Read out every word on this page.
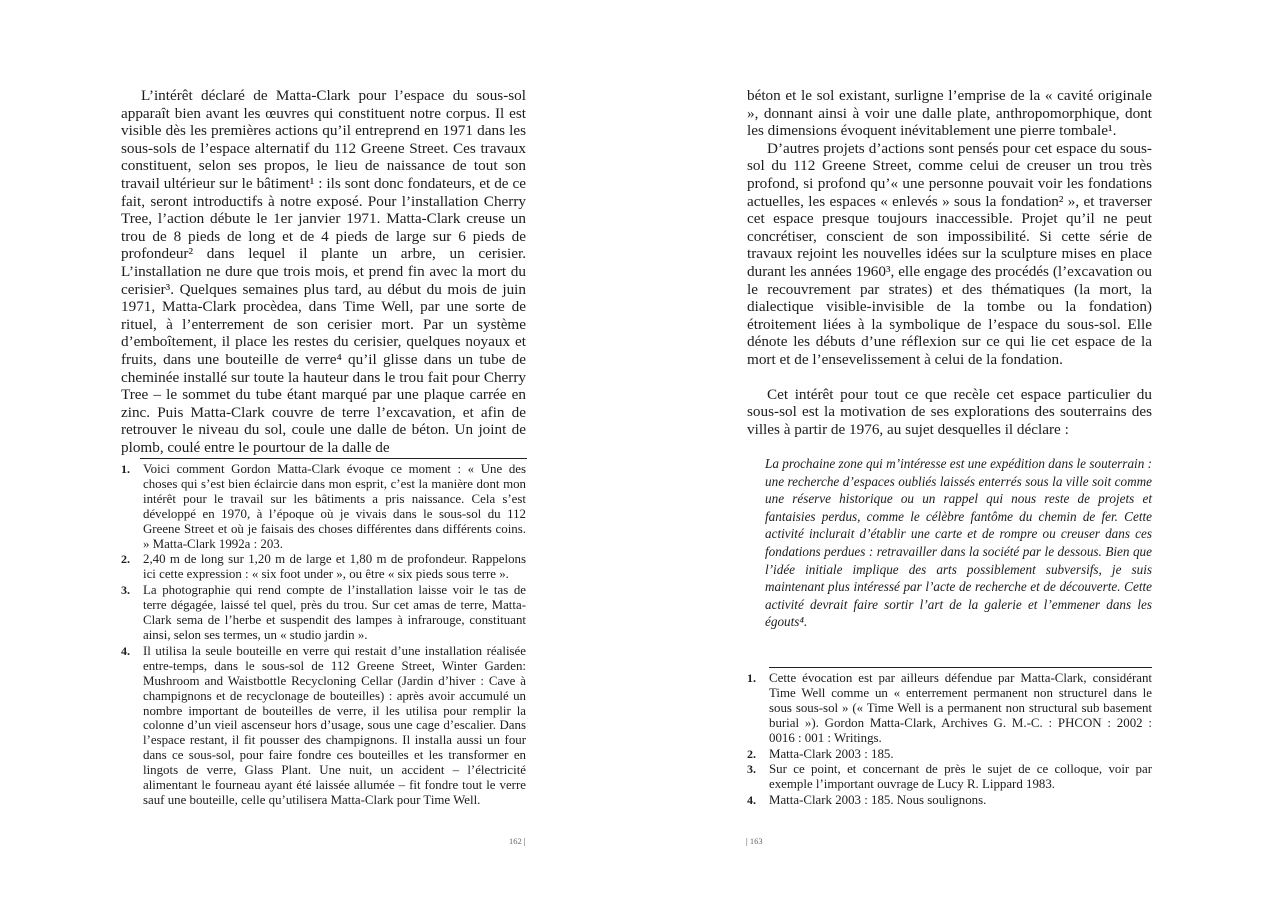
L’intérêt déclaré de Matta-Clark pour l’espace du sous-sol apparaît bien avant les œuvres qui constituent notre corpus. Il est visible dès les premières actions qu’il entreprend en 1971 dans les sous-sols de l’espace alternatif du 112 Greene Street. Ces travaux constituent, selon ses propos, le lieu de naissance de tout son travail ultérieur sur le bâtiment¹ : ils sont donc fondateurs, et de ce fait, seront introductifs à notre exposé. Pour l’installation Cherry Tree, l’action débute le 1er janvier 1971. Matta-Clark creuse un trou de 8 pieds de long et de 4 pieds de large sur 6 pieds de profondeur² dans lequel il plante un arbre, un cerisier. L’installation ne dure que trois mois, et prend fin avec la mort du cerisier³. Quelques semaines plus tard, au début du mois de juin 1971, Matta-Clark procèdea, dans Time Well, par une sorte de rituel, à l’enterrement de son cerisier mort. Par un système d’emboîtement, il place les restes du cerisier, quelques noyaux et fruits, dans une bouteille de verre⁴ qu’il glisse dans un tube de cheminée installé sur toute la hauteur dans le trou fait pour Cherry Tree – le sommet du tube étant marqué par une plaque carrée en zinc. Puis Matta-Clark couvre de terre l’excavation, et afin de retrouver le niveau du sol, coule une dalle de béton. Un joint de plomb, coulé entre le pourtour de la dalle de

1. Voici comment Gordon Matta-Clark évoque ce moment : « Une des choses qui s’est bien éclaircie dans mon esprit, c’est la manière dont mon intérêt pour le travail sur les bâtiments a pris naissance. Cela s’est développé en 1970, à l’époque où je vivais dans le sous-sol du 112 Greene Street et où je faisais des choses différentes dans différents coins. » Matta-Clark 1992a : 203.
2. 2,40 m de long sur 1,20 m de large et 1,80 m de profondeur. Rappelons ici cette expression : « six foot under », ou être « six pieds sous terre ».
3. La photographie qui rend compte de l’installation laisse voir le tas de terre dégagée, laissé tel quel, près du trou. Sur cet amas de terre, Matta-Clark sema de l’herbe et suspendit des lampes à infrarouge, constituant ainsi, selon ses termes, un « studio jardin ».
4. Il utilisa la seule bouteille en verre qui restait d’une installation réalisée entre-temps, dans le sous-sol de 112 Greene Street, Winter Garden: Mushroom and Waistbottle Recycloning Cellar (Jardin d’hiver : Cave à champignons et de recyclonage de bouteilles) : après avoir accumulé un nombre important de bouteilles de verre, il les utilisa pour remplir la colonne d’un vieil ascenseur hors d’usage, sous une cage d’escalier. Dans l’espace restant, il fit pousser des champignons. Il installa aussi un four dans ce sous-sol, pour faire fondre ces bouteilles et les transformer en lingots de verre, Glass Plant. Une nuit, un accident – l’électricité alimentant le fourneau ayant été laissée allumée – fit fondre tout le verre sauf une bouteille, celle qu’utilisera Matta-Clark pour Time Well.
162 |

béton et le sol existant, surligne l’emprise de la « cavité originale », donnant ainsi à voir une dalle plate, anthropomorphique, dont les dimensions évoquent inévitablement une pierre tombale¹.

D’autres projets d’actions sont pensés pour cet espace du sous-sol du 112 Greene Street, comme celui de creuser un trou très profond, si profond qu’« une personne pouvait voir les fondations actuelles, les espaces « enlevés » sous la fondation² », et traverser cet espace presque toujours inaccessible. Projet qu’il ne peut concrétiser, conscient de son impossibilité. Si cette série de travaux rejoint les nouvelles idées sur la sculpture mises en place durant les années 1960³, elle engage des procédés (l’excavation ou le recouvrement par strates) et des thématiques (la mort, la dialectique visible-invisible de la tombe ou la fondation) étroitement liées à la symbolique de l’espace du sous-sol. Elle dénote les débuts d’une réflexion sur ce qui lie cet espace de la mort et de l’ensevelissement à celui de la fondation.

Cet intérêt pour tout ce que recèle cet espace particulier du sous-sol est la motivation de ses explorations des souterrains des villes à partir de 1976, au sujet desquelles il déclare :

La prochaine zone qui m’intéresse est une expédition dans le souterrain : une recherche d’espaces oubliés laissés enterrés sous la ville soit comme une réserve historique ou un rappel qui nous reste de projets et fantaisies perdus, comme le célèbre fantôme du chemin de fer. Cette activité inclurait d’établir une carte et de rompre ou creuser dans ces fondations perdues : retravailler dans la société par le dessous. Bien que l’idée initiale implique des arts possiblement subversifs, je suis maintenant plus intéressé par l’acte de recherche et de découverte. Cette activité devrait faire sortir l’art de la galerie et l’emmener dans les égouts⁴.
1. Cette évocation est par ailleurs défendue par Matta-Clark, considérant Time Well comme un « enterrement permanent non structurel dans le sous sous-sol » (« Time Well is a permanent non structural sub basement burial »). Gordon Matta-Clark, Archives G. M.-C. : PHCON : 2002 : 0016 : 001 : Writings.
2. Matta-Clark 2003 : 185.
3. Sur ce point, et concernant de près le sujet de ce colloque, voir par exemple l’important ouvrage de Lucy R. Lippard 1983.
4. Matta-Clark 2003 : 185. Nous soulignons.
| 163
